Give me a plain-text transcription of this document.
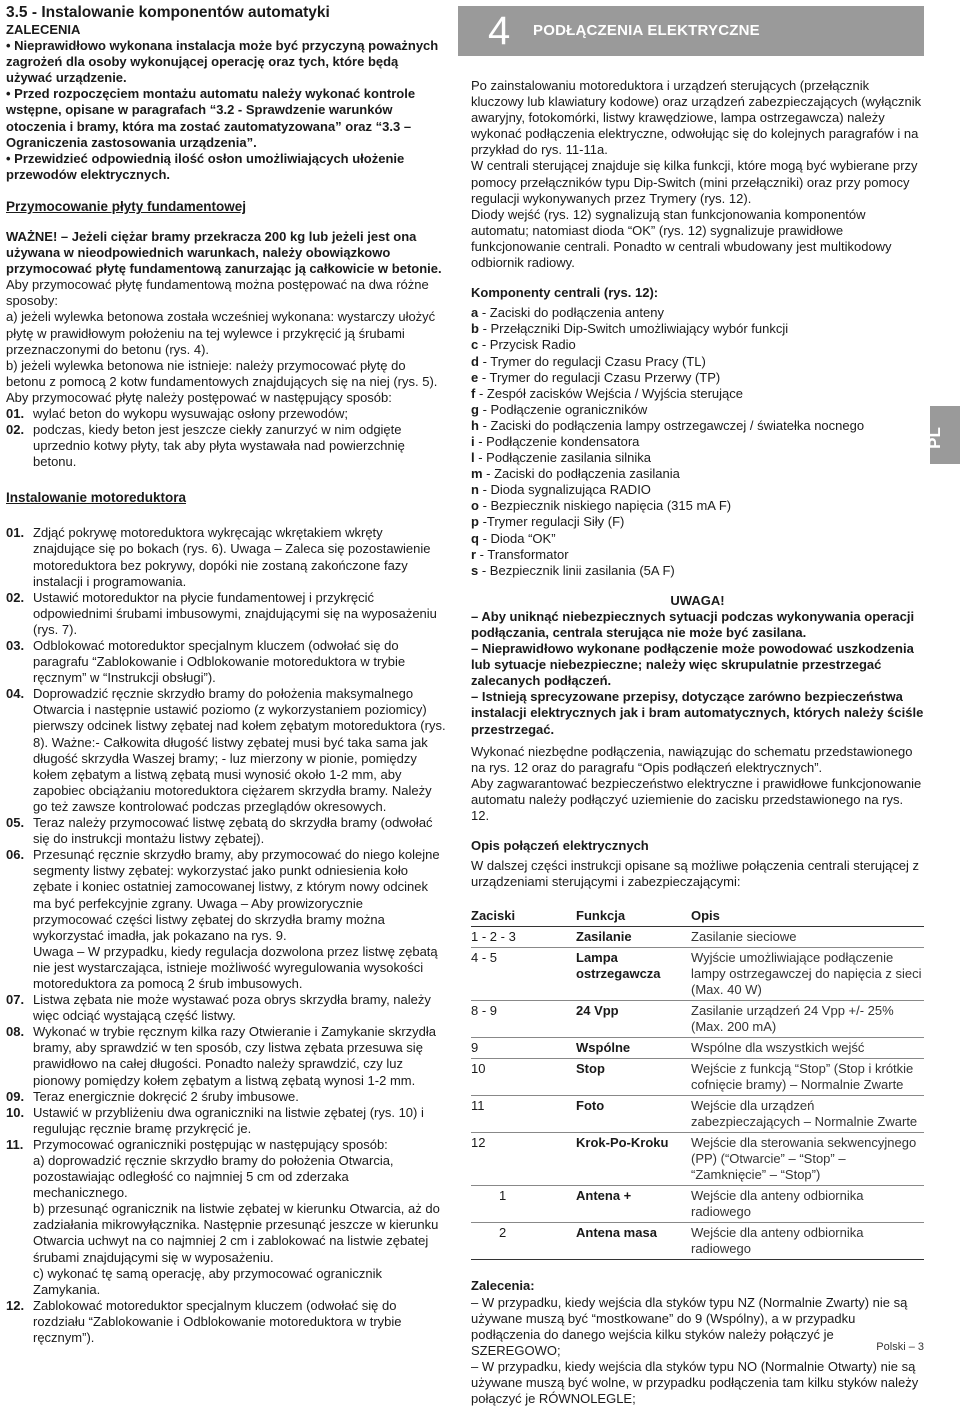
3.5 - Instalowanie komponentów automatyki

ZALECENIA

• Nieprawidłowo wykonana instalacja może być przyczyną poważnych zagrożeń dla osoby wykonującej operację oraz tych, które będą używać urządzenie.

• Przed rozpoczęciem montażu automatu należy wykonać kontrole wstępne, opisane w paragrafach “3.2 - Sprawdzenie warunków otoczenia i bramy, która ma zostać zautomatyzowana” oraz “3.3 – Ograniczenia zastosowania urządzenia”.

• Przewidzieć odpowiednią ilość osłon umożliwiających ułożenie przewodów elektrycznych.

Przymocowanie płyty fundamentowej

WAŻNE! – Jeżeli ciężar bramy przekracza 200 kg lub jeżeli jest ona używana w nieodpowiednich warunkach, należy obowiązkowo przymocować płytę fundamentową zanurzając ją całkowicie w betonie.

Aby przymocować płytę fundamentową można postępować na dwa różne sposoby:

a) jeżeli wylewka betonowa została wcześniej wykonana: wystarczy ułożyć płytę w prawidłowym położeniu na tej wylewce i przykręcić ją śrubami przeznaczonymi do betonu (rys. 4).

b) jeżeli wylewka betonowa nie istnieje: należy przymocować płytę do betonu z pomocą 2 kotw fundamentowych znajdujących się na niej (rys. 5). Aby przymocować płytę należy postępować w następujący sposób:

01. wylać beton do wykopu wysuwając osłony przewodów;
02. podczas, kiedy beton jest jeszcze ciekły zanurzyć w nim odgięte uprzednio kotwy płyty, tak aby płyta wystawała nad powierzchnię betonu.

Instalowanie motoreduktora

01. Zdjąć pokrywę motoreduktora wykręcając wkrętakiem wkręty znajdujące się po bokach (rys. 6). Uwaga – Zaleca się pozostawienie motoreduktora bez pokrywy, dopóki nie zostaną zakończone fazy instalacji i programowania.
02. Ustawić motoreduktor na płycie fundamentowej i przykręcić odpowiednimi śrubami imbusowymi, znajdującymi się na wyposażeniu (rys. 7).
03. Odblokować motoreduktor specjalnym kluczem (odwołać się do paragrafu “Zablokowanie i Odblokowanie motoreduktora w trybie ręcznym” w “Instrukcji obsługi”).
04. Doprowadzić ręcznie skrzydło bramy do położenia maksymalnego Otwarcia i następnie ustawić poziomo (z wykorzystaniem poziomicy) pierwszy odcinek listwy zębatej nad kołem zębatym motoreduktora (rys. 8). Ważne:- Całkowita długość listwy zębatej musi być taka sama jak długość skrzydła Waszej bramy; - luz mierzony w pionie, pomiędzy kołem zębatym a listwą zębatą musi wynosić około 1-2 mm, aby zapobiec obciążaniu motoreduktora ciężarem skrzydła bramy. Należy go też zawsze kontrolować podczas przeglądów okresowych.
05. Teraz należy przymocować listwę zębatą do skrzydła bramy (odwołać się do instrukcji montażu listwy zębatej).
06. Przesunąć ręcznie skrzydło bramy, aby przymocować do niego kolejne segmenty listwy zębatej: wykorzystać jako punkt odniesienia koło zębate i koniec ostatniej zamocowanej listwy, z którym nowy odcinek ma być perfekcyjnie zgrany. Uwaga – Aby prowizorycznie przymocować części listwy zębatej do skrzydła bramy można wykorzystać imadła, jak pokazano na rys. 9.
Uwaga – W przypadku, kiedy regulacja dozwolona przez listwę zębatą nie jest wystarczająca, istnieje możliwość wyregulowania wysokości motoreduktora za pomocą 2 śrub imbusowych.
07. Listwa zębata nie może wystawać poza obrys skrzydła bramy, należy więc odciąć wystającą część listwy.
08. Wykonać w trybie ręcznym kilka razy Otwieranie i Zamykanie skrzydła bramy, aby sprawdzić w ten sposób, czy listwa zębata przesuwa się prawidłowo na całej długości. Ponadto należy sprawdzić, czy luz pionowy pomiędzy kołem zębatym a listwą zębatą wynosi 1-2 mm.
09. Teraz energicznie dokręcić 2 śruby imbusowe.
10. Ustawić w przybliżeniu dwa ograniczniki na listwie zębatej (rys. 10) i regulując ręcznie bramę przykręcić je.
11. Przymocować ograniczniki postępując w następujący sposób:
a) doprowadzić ręcznie skrzydło bramy do położenia Otwarcia, pozostawiając odległość co najmniej 5 cm od zderzaka mechanicznego.
b) przesunąć ogranicznik na listwie zębatej w kierunku Otwarcia, aż do zadziałania mikrowyłącznika. Następnie przesunąć jeszcze w kierunku Otwarcia uchwyt na co najmniej 2 cm i zablokować na listwie zębatej śrubami znajdującymi się w wyposażeniu.
c) wykonać tę samą operację, aby przymocować ogranicznik Zamykania.
12. Zablokować motoreduktor specjalnym kluczem (odwołać się do rozdziału “Zablokowanie i Odblokowanie motoreduktora w trybie ręcznym”).
4 PODŁĄCZENIA ELEKTRYCZNE

Po zainstalowaniu motoreduktora i urządzeń sterujących (przełącznik kluczowy lub klawiatury kodowe) oraz urządzeń zabezpieczających (wyłącznik awaryjny, fotokomórki, listwy krawędziowe, lampa ostrzegawcza) należy wykonać podłączenia elektryczne, odwołując się do kolejnych paragrafów i na przykład do rys. 11-11a.

W centrali sterującej znajduje się kilka funkcji, które mogą być wybierane przy pomocy przełączników typu Dip-Switch (mini przełączniki) oraz przy pomocy regulacji wykonywanych przez Trymery (rys. 12).

Diody wejść (rys. 12) sygnalizują stan funkcjonowania komponentów automatu; natomiast dioda “OK” (rys. 12) sygnalizuje prawidłowe funkcjonowanie centrali. Ponadto w centrali wbudowany jest multikodowy odbiornik radiowy.

Komponenty centrali (rys. 12):

a - Zaciski do podłączenia anteny

b - Przełączniki Dip-Switch umożliwiający wybór funkcji

c - Przycisk Radio

d - Trymer do regulacji Czasu Pracy (TL)

e - Trymer do regulacji Czasu Przerwy (TP)

f - Zespół zacisków Wejścia / Wyjścia sterujące

g - Podłączenie ograniczników

h - Zaciski do podłączenia lampy ostrzegawczej / światełka nocnego

i - Podłączenie kondensatora

l - Podłączenie zasilania silnika

m - Zaciski do podłączenia zasilania

n - Dioda sygnalizująca RADIO

o - Bezpiecznik niskiego napięcia (315 mA F)

p -Trymer regulacji Siły (F)

q - Dioda “OK”

r - Transformator

s - Bezpiecznik linii zasilania (5A F)

UWAGA!

– Aby uniknąć niebezpiecznych sytuacji podczas wykonywania operacji podłączania, centrala sterująca nie może być zasilana.

– Nieprawidłowo wykonane podłączenie może powodować uszkodzenia lub sytuacje niebezpieczne; należy więc skrupulatnie przestrzegać zalecanych podłączeń.

– Istnieją sprecyzowane przepisy, dotyczące zarówno bezpieczeństwa instalacji elektrycznych jak i bram automatycznych, których należy ściśle przestrzegać.

Wykonać niezbędne podłączenia, nawiązując do schematu przedstawionego na rys. 12 oraz do paragrafu “Opis podłączeń elektrycznych”.

Aby zagwarantować bezpieczeństwo elektryczne i prawidłowe funkcjonowanie automatu należy podłączyć uziemienie do zacisku przedstawionego na rys. 12.

Opis połączeń elektrycznych

W dalszej części instrukcji opisane są możliwe połączenia centrali sterującej z urządzeniami sterującymi i zabezpieczającymi:

Zaciski	Funkcja	Opis
1 - 2 - 3	Zasilanie	Zasilanie sieciowe
4 - 5	Lampa ostrzegawcza	Wyjście umożliwiające podłączenie lampy ostrzegawczej do napięcia z sieci (Max. 40 W)
8 - 9	24 Vpp	Zasilanie urządzeń 24 Vpp +/- 25% (Max. 200 mA)
9	Wspólne	Wspólne dla wszystkich wejść
10	Stop	Wejście z funkcją “Stop” (Stop i krótkie cofnięcie bramy) – Normalnie Zwarte
11	Foto	Wejście dla urządzeń zabezpieczających – Normalnie Zwarte
12	Krok-Po-Kroku	Wejście dla sterowania sekwencyjnego (PP) (“Otwarcie” – “Stop” – “Zamknięcie” – “Stop”)
1	Antena +	Wejście dla anteny odbiornika radiowego
2	Antena masa	Wejście dla anteny odbiornika radiowego

Zalecenia:

– W przypadku, kiedy wejścia dla styków typu NZ (Normalnie Zwarty) nie są używane muszą być “mostkowane” do 9 (Wspólny), a w przypadku podłączenia do danego wejścia kilku styków należy połączyć je SZEREGOWO;

– W przypadku, kiedy wejścia dla styków typu NO (Normalnie Otwarty) nie są używane muszą być wolne, w przypadku podłączenia tam kilku styków należy połączyć je RÓWNOLEGLE;

PL
Polski – 3
